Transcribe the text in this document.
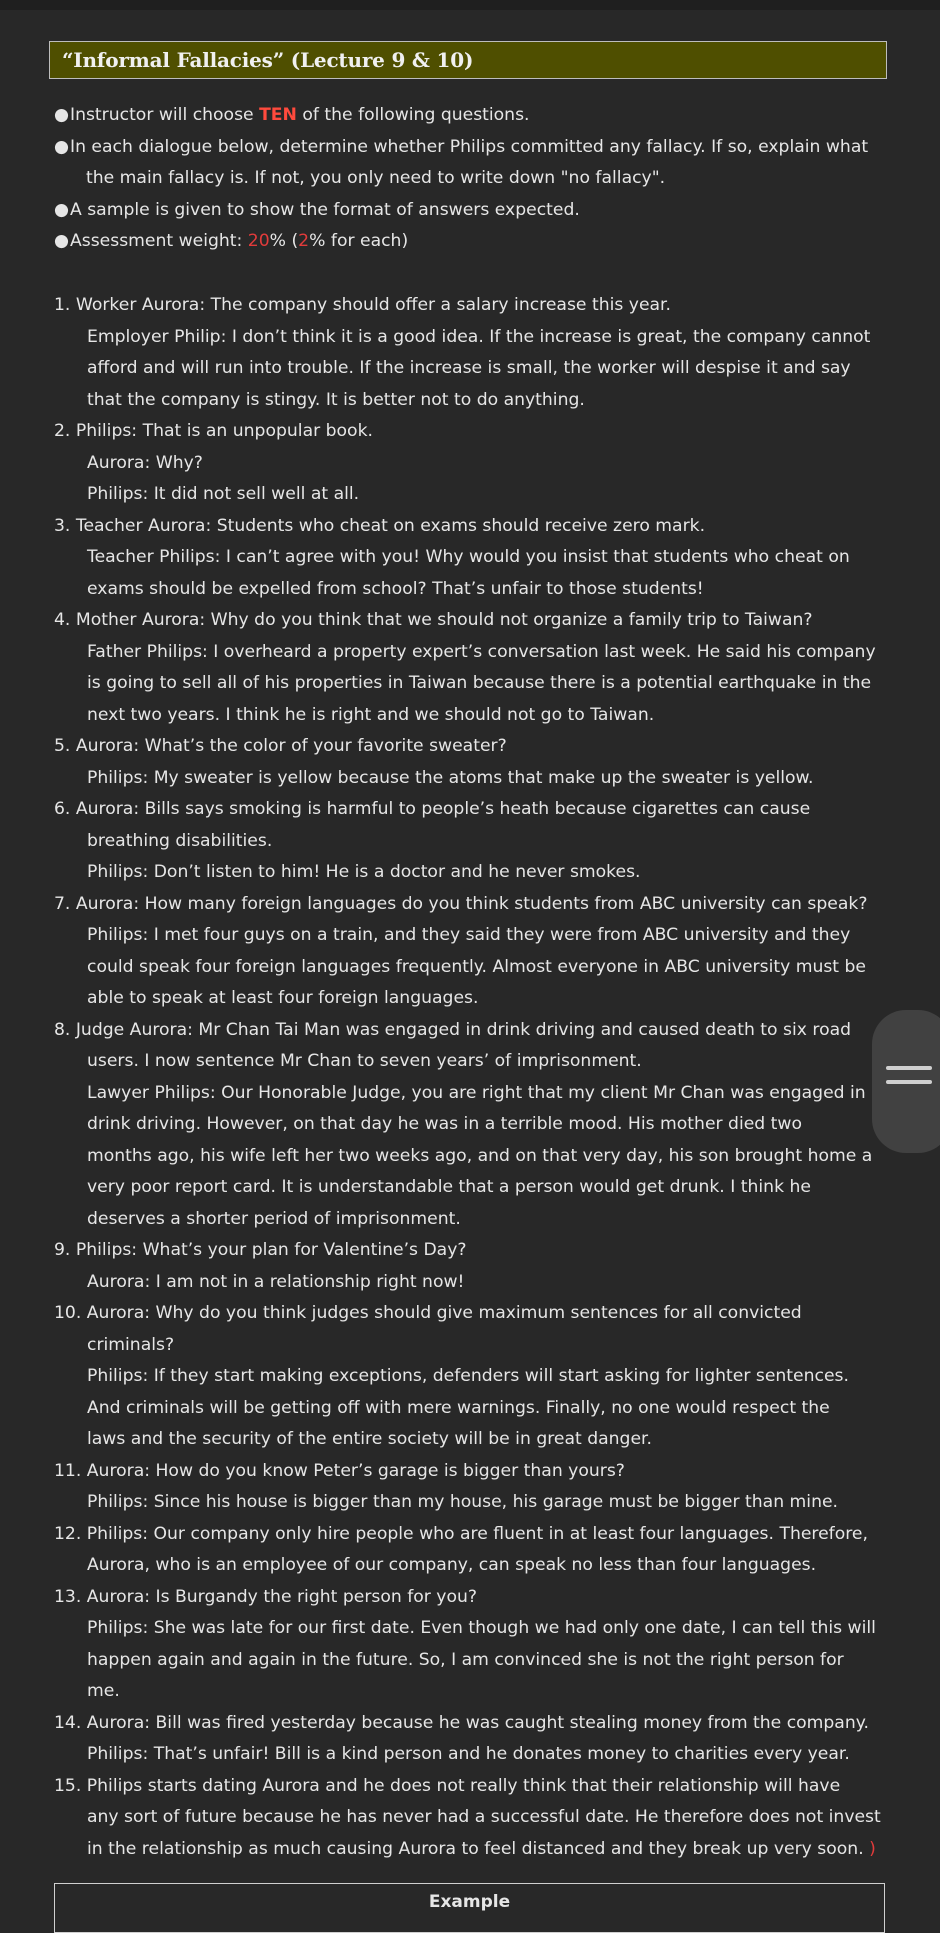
“Informal Fallacies” (Lecture 9 & 10)
● Instructor will choose TEN of the following questions.
● In each dialogue below, determine whether Philips committed any fallacy. If so, explain what
the main fallacy is. If not, you only need to write down "no fallacy".
● A sample is given to show the format of answers expected.
● Assessment weight: 20% (2% for each)
1. Worker Aurora: The company should offer a salary increase this year.
Employer Philip: I don’t think it is a good idea. If the increase is great, the company cannot
afford and will run into trouble. If the increase is small, the worker will despise it and say
that the company is stingy. It is better not to do anything.
2. Philips: That is an unpopular book.
Aurora: Why?
Philips: It did not sell well at all.
3. Teacher Aurora: Students who cheat on exams should receive zero mark.
Teacher Philips: I can’t agree with you! Why would you insist that students who cheat on
exams should be expelled from school? That’s unfair to those students!
4. Mother Aurora: Why do you think that we should not organize a family trip to Taiwan?
Father Philips: I overheard a property expert’s conversation last week. He said his company
is going to sell all of his properties in Taiwan because there is a potential earthquake in the
next two years. I think he is right and we should not go to Taiwan.
5. Aurora: What’s the color of your favorite sweater?
Philips: My sweater is yellow because the atoms that make up the sweater is yellow.
6. Aurora: Bills says smoking is harmful to people’s heath because cigarettes can cause
breathing disabilities.
Philips: Don’t listen to him! He is a doctor and he never smokes.
7. Aurora: How many foreign languages do you think students from ABC university can speak?
Philips: I met four guys on a train, and they said they were from ABC university and they
could speak four foreign languages frequently. Almost everyone in ABC university must be
able to speak at least four foreign languages.
8. Judge Aurora: Mr Chan Tai Man was engaged in drink driving and caused death to six road
users. I now sentence Mr Chan to seven years’ of imprisonment.
Lawyer Philips: Our Honorable Judge, you are right that my client Mr Chan was engaged in
drink driving. However, on that day he was in a terrible mood. His mother died two
months ago, his wife left her two weeks ago, and on that very day, his son brought home a
very poor report card. It is understandable that a person would get drunk. I think he
deserves a shorter period of imprisonment.
9. Philips: What’s your plan for Valentine’s Day?
Aurora: I am not in a relationship right now!
10. Aurora: Why do you think judges should give maximum sentences for all convicted
criminals?
Philips: If they start making exceptions, defenders will start asking for lighter sentences.
And criminals will be getting off with mere warnings. Finally, no one would respect the
laws and the security of the entire society will be in great danger.
11. Aurora: How do you know Peter’s garage is bigger than yours?
Philips: Since his house is bigger than my house, his garage must be bigger than mine.
12. Philips: Our company only hire people who are fluent in at least four languages. Therefore,
Aurora, who is an employee of our company, can speak no less than four languages.
13. Aurora: Is Burgandy the right person for you?
Philips: She was late for our first date. Even though we had only one date, I can tell this will
happen again and again in the future. So, I am convinced she is not the right person for
me.
14. Aurora: Bill was fired yesterday because he was caught stealing money from the company.
Philips: That’s unfair! Bill is a kind person and he donates money to charities every year.
15. Philips starts dating Aurora and he does not really think that their relationship will have
any sort of future because he has never had a successful date. He therefore does not invest
in the relationship as much causing Aurora to feel distanced and they break up very soon. )
Example
